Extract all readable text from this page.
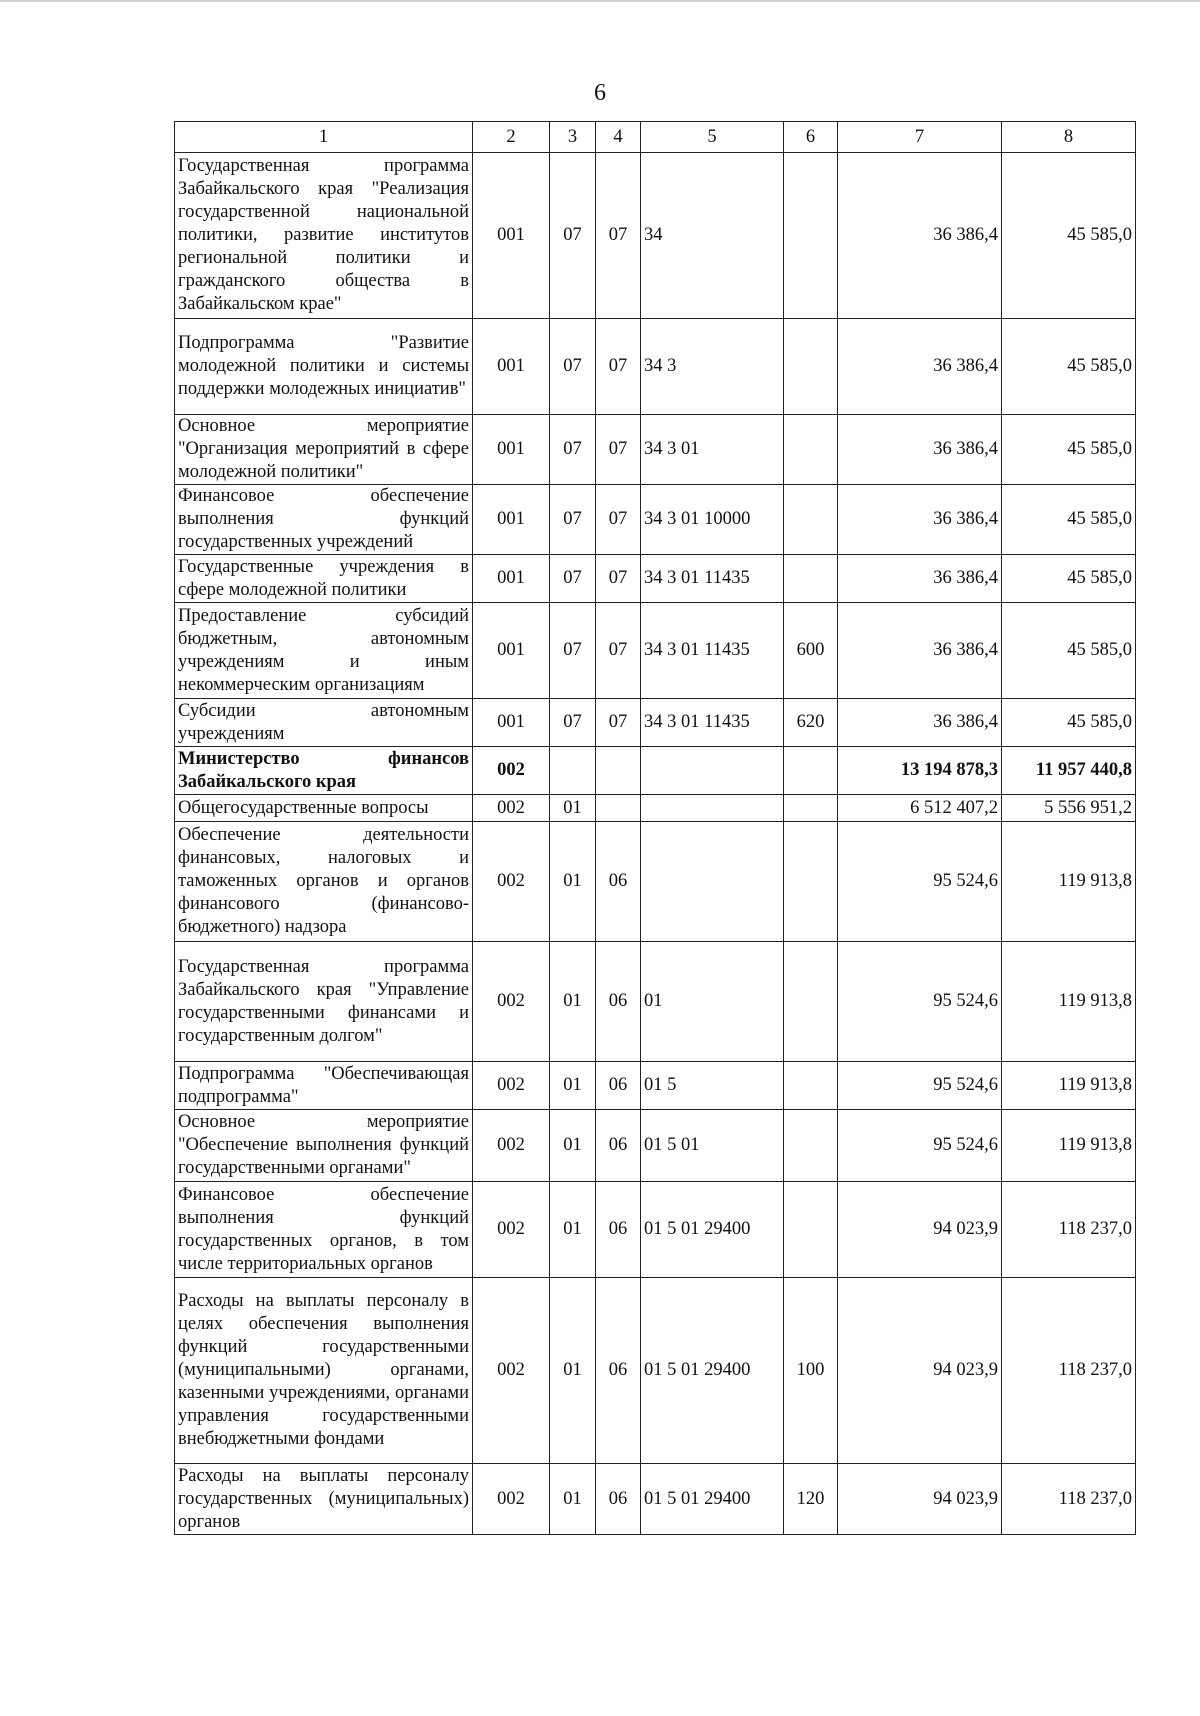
6
1	2	3	4	5	6	7	8
Государственная программа Забайкальского края "Реализация государственной национальной политики, развитие институтов региональной политики и гражданского общества в Забайкальском крае"	001	07	07	34		36 386,4	45 585,0
Подпрограмма "Развитие молодежной политики и системы поддержки молодежных инициатив"	001	07	07	34 3		36 386,4	45 585,0
Основное мероприятие "Организация мероприятий в сфере молодежной политики"	001	07	07	34 3 01		36 386,4	45 585,0
Финансовое обеспечение выполнения функций государственных учреждений	001	07	07	34 3 01 10000		36 386,4	45 585,0
Государственные учреждения в сфере молодежной политики	001	07	07	34 3 01 11435		36 386,4	45 585,0
Предоставление субсидий бюджетным, автономным учреждениям и иным некоммерческим организациям	001	07	07	34 3 01 11435	600	36 386,4	45 585,0
Субсидии автономным учреждениям	001	07	07	34 3 01 11435	620	36 386,4	45 585,0
Министерство финансов Забайкальского края	002					13 194 878,3	11 957 440,8
Общегосударственные вопросы	002	01				6 512 407,2	5 556 951,2
Обеспечение деятельности финансовых, налоговых и таможенных органов и органов финансового (финансово-бюджетного) надзора	002	01	06			95 524,6	119 913,8
Государственная программа Забайкальского края "Управление государственными финансами и государственным долгом"	002	01	06	01		95 524,6	119 913,8
Подпрограмма "Обеспечивающая подпрограмма"	002	01	06	01 5		95 524,6	119 913,8
Основное мероприятие "Обеспечение выполнения функций государственными органами"	002	01	06	01 5 01		95 524,6	119 913,8
Финансовое обеспечение выполнения функций государственных органов, в том числе территориальных органов	002	01	06	01 5 01 29400		94 023,9	118 237,0
Расходы на выплаты персоналу в целях обеспечения выполнения функций государственными (муниципальными) органами, казенными учреждениями, органами управления государственными внебюджетными фондами	002	01	06	01 5 01 29400	100	94 023,9	118 237,0
Расходы на выплаты персоналу государственных (муниципальных) органов	002	01	06	01 5 01 29400	120	94 023,9	118 237,0
